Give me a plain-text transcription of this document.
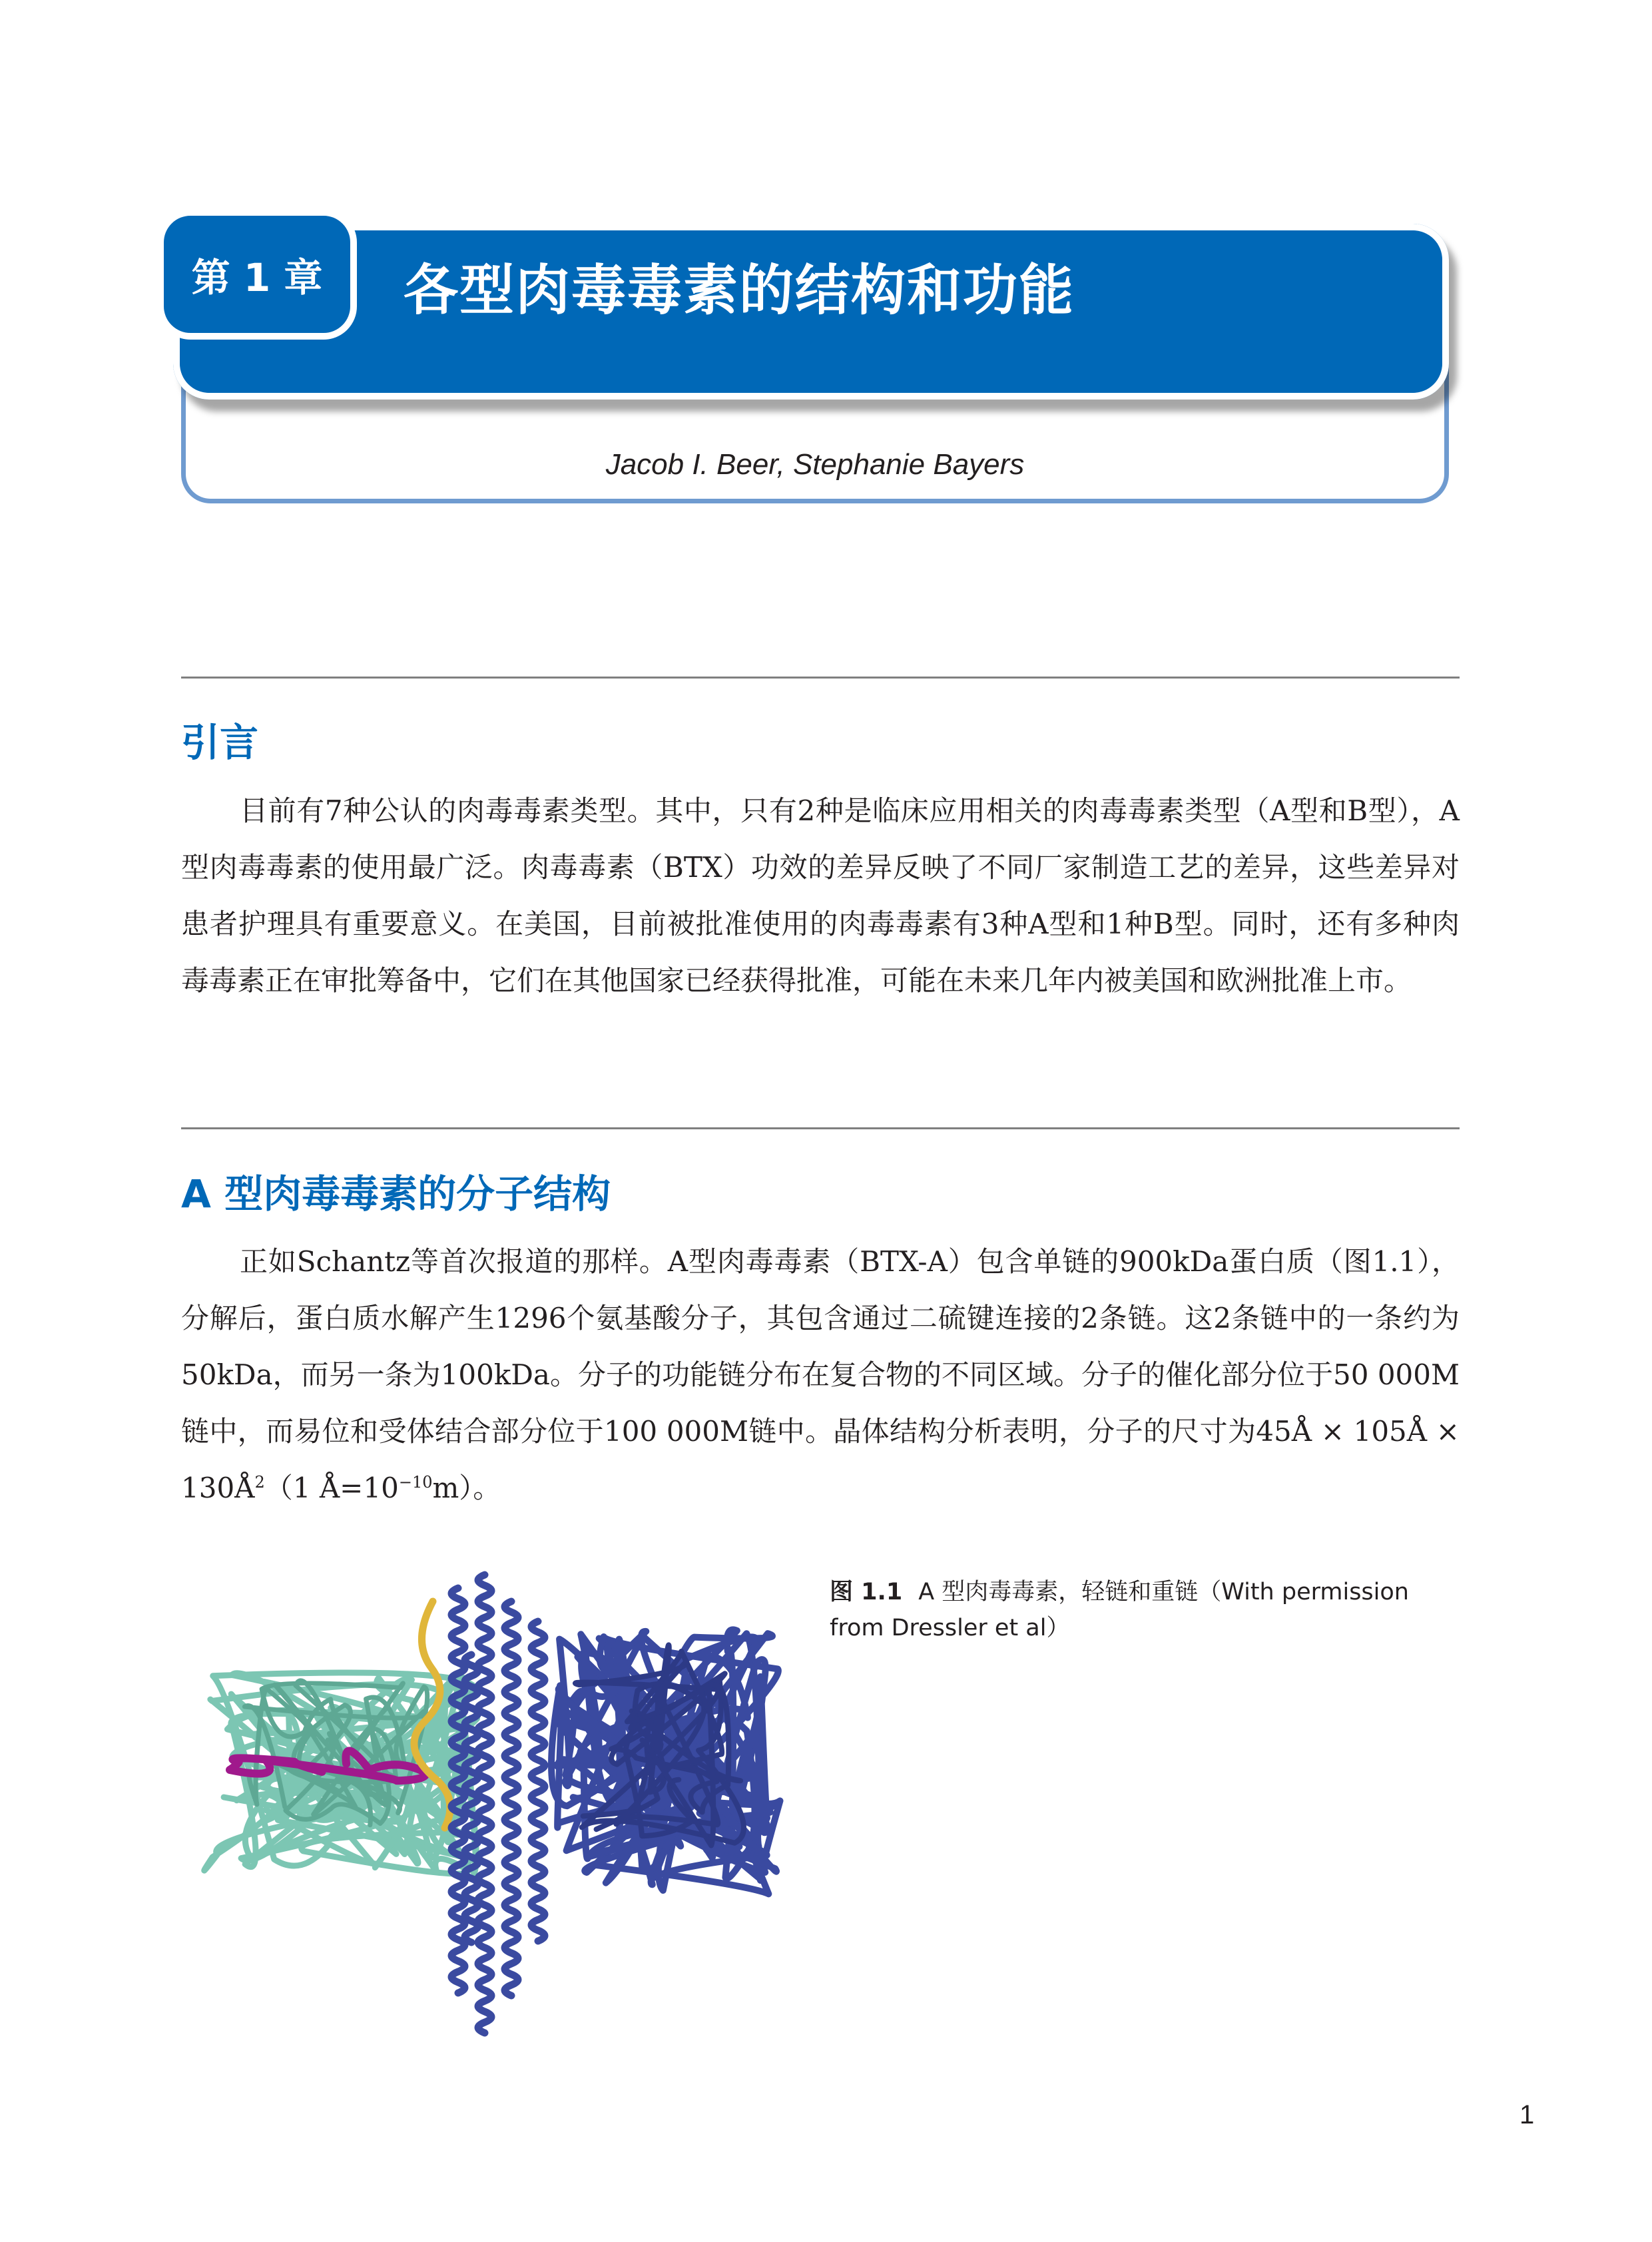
Jacob I. Beer, Stephanie Bayers
各型肉毒毒素的结构和功能
第 1 章
引言

目前有7种公认的肉毒毒素类型。其中，只有2种是临床应用相关的肉毒毒素类型（A型和B型），A型肉毒毒素的使用最广泛。肉毒毒素（BTX）功效的差异反映了不同厂家制造工艺的差异，这些差异对患者护理具有重要意义。在美国，目前被批准使用的肉毒毒素有3种A型和1种B型。同时，还有多种肉毒毒素正在审批筹备中，它们在其他国家已经获得批准，可能在未来几年内被美国和欧洲批准上市。

A 型肉毒毒素的分子结构

正如Schantz等首次报道的那样。A型肉毒毒素（BTX-A）包含单链的900kDa蛋白质（图1.1），分解后，蛋白质水解产生1296个氨基酸分子，其包含通过二硫键连接的2条链。这2条链中的一条约为50kDa，而另一条为100kDa。分子的功能链分布在复合物的不同区域。分子的催化部分位于50 000M链中，而易位和受体结合部分位于100 000M链中。晶体结构分析表明，分子的尺寸为45Å × 105Å × $130Å^2(1$ $Å=10^{-10}m$）。

图 1.1 A 型肉毒毒素，轻链和重链（With permission from Dressler et al）
1
